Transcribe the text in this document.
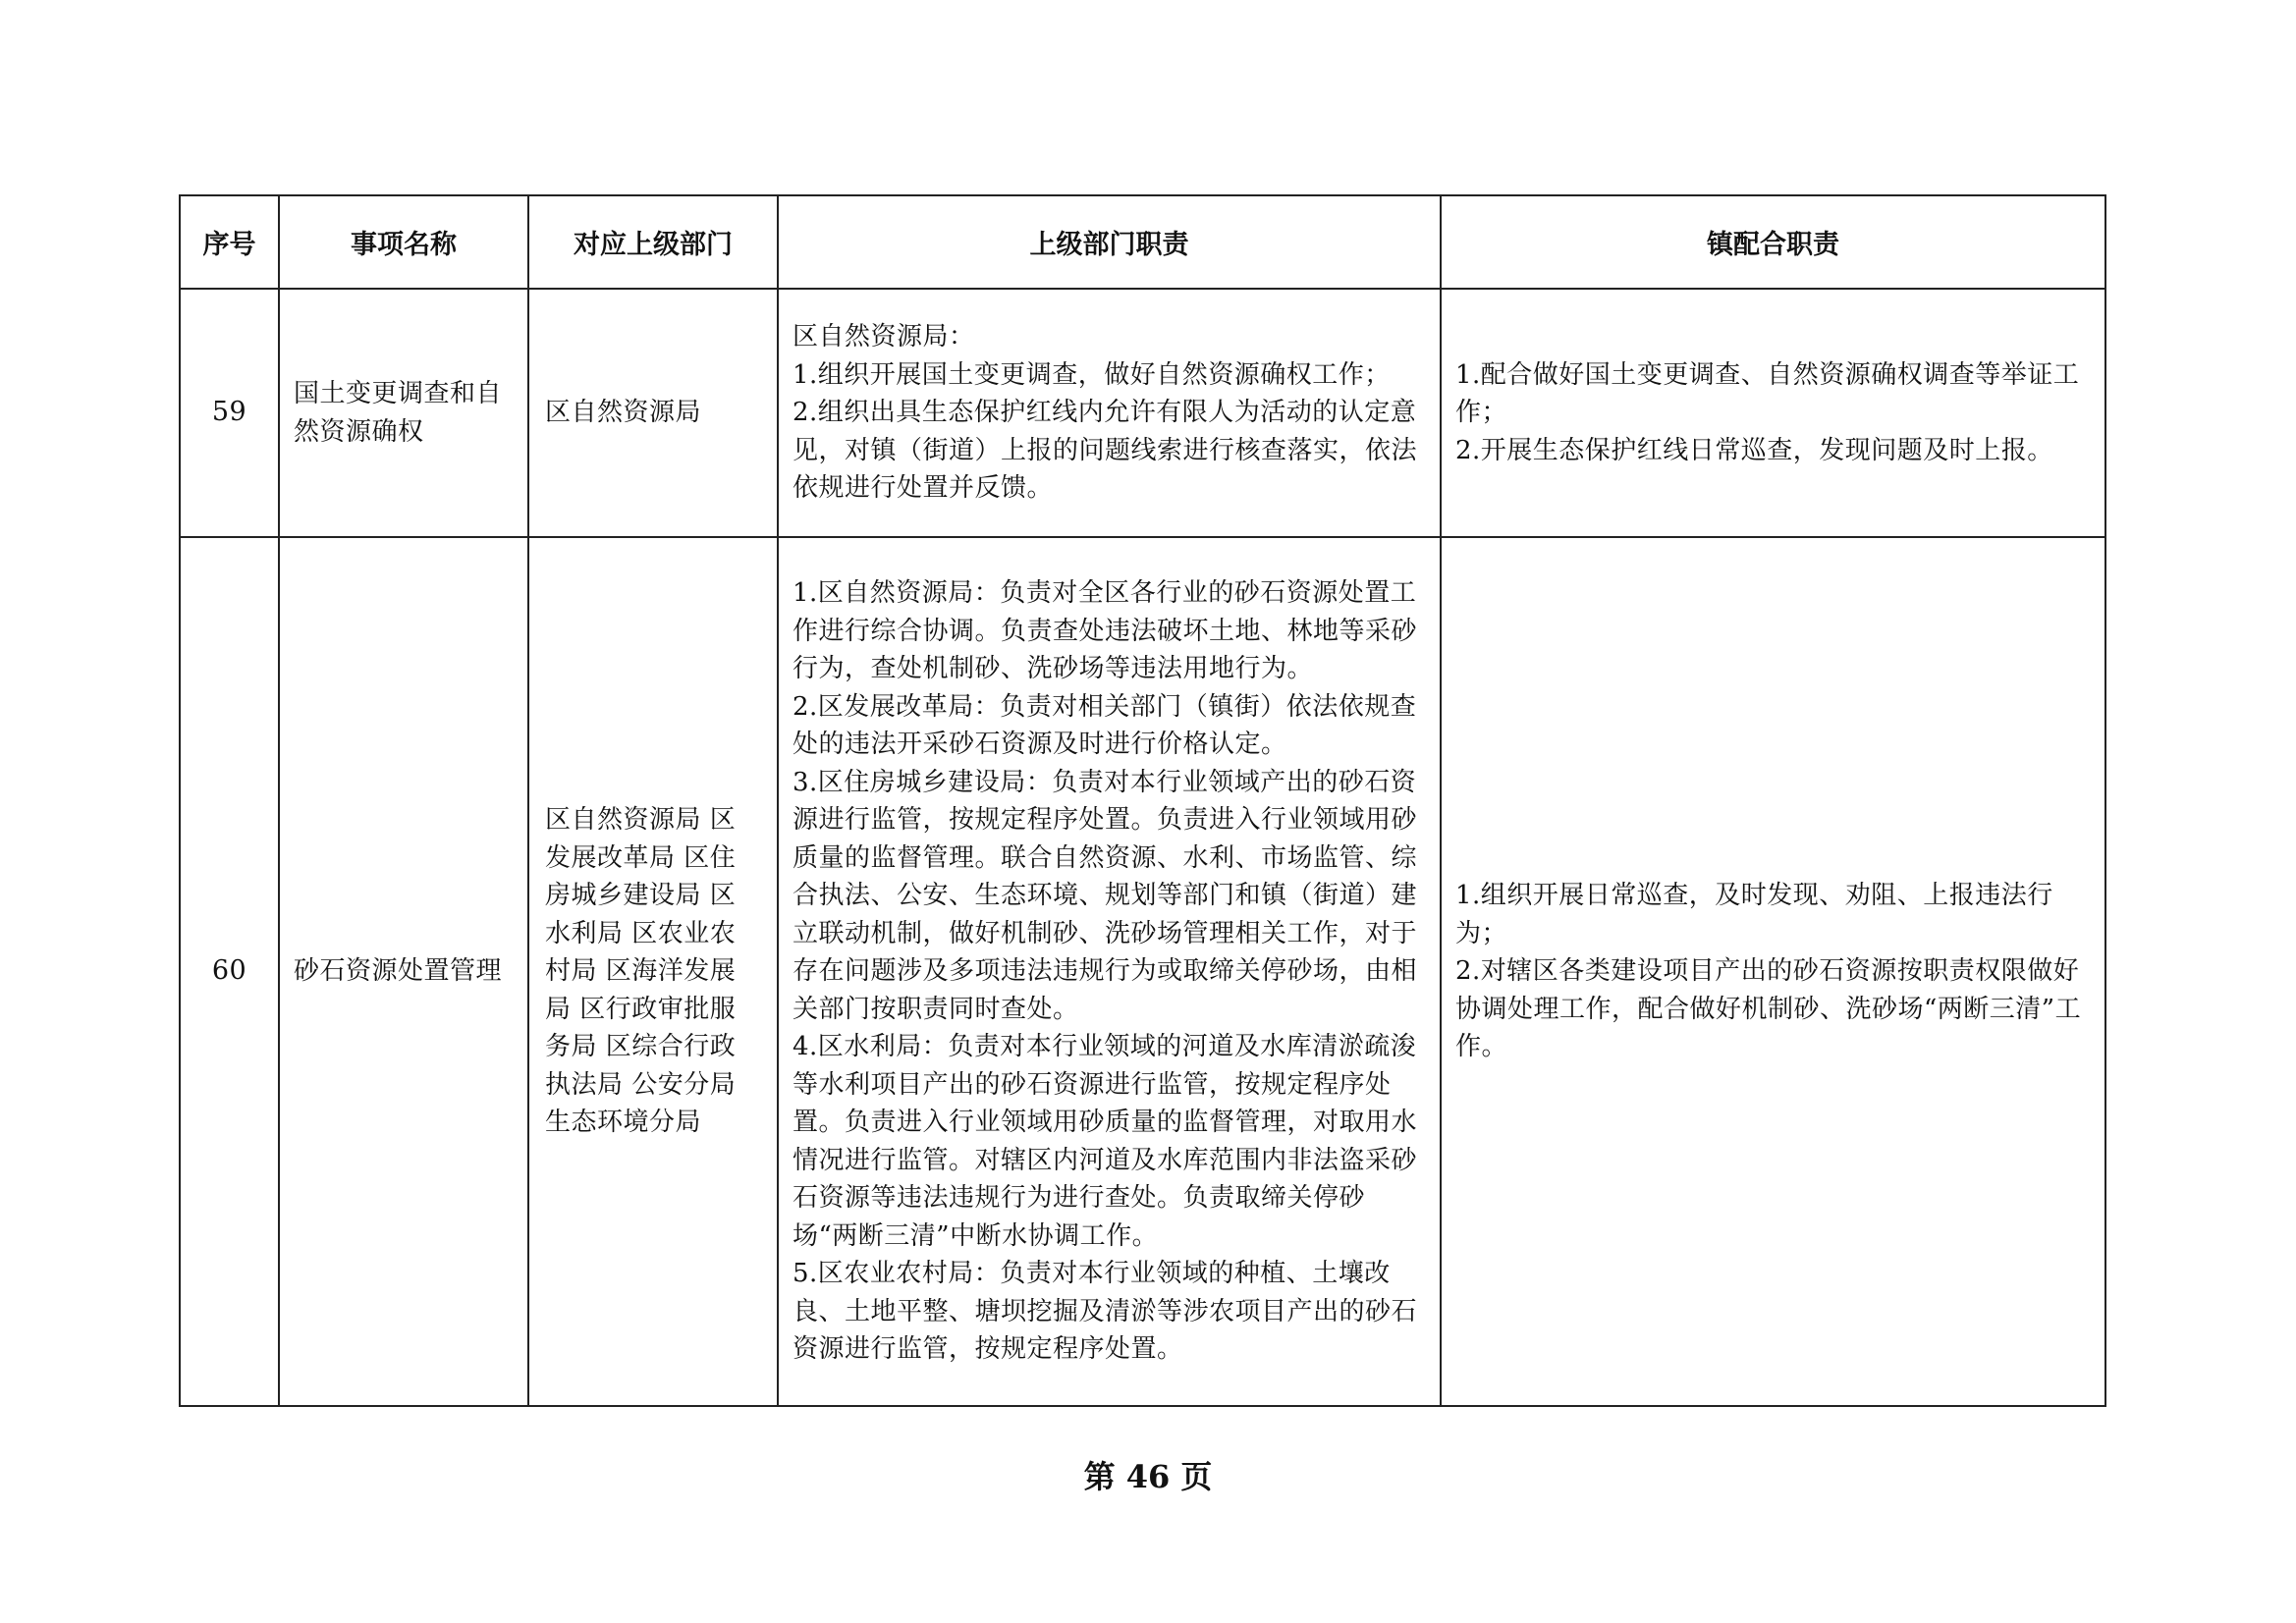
序号	事项名称	对应上级部门	上级部门职责	镇配合职责
59	国土变更调查和自然资源确权	区自然资源局	区自然资源局：
1.组织开展国土变更调查，做好自然资源确权工作；
2.组织出具生态保护红线内允许有限人为活动的认定意见，对镇（街道）上报的问题线索进行核查落实，依法依规进行处置并反馈。	1.配合做好国土变更调查、自然资源确权调查等举证工作；
2.开展生态保护红线日常巡查，发现问题及时上报。

60	砂石资源处置管理	区自然资源局 区发展改革局 区住房城乡建设局 区水利局 区农业农村局 区海洋发展局 区行政审批服务局 区综合行政执法局 公安分局 生态环境分局	1.区自然资源局：负责对全区各行业的砂石资源处置工作进行综合协调。负责查处违法破坏土地、林地等采砂行为，查处机制砂、洗砂场等违法用地行为。
2.区发展改革局：负责对相关部门（镇街）依法依规查处的违法开采砂石资源及时进行价格认定。
3.区住房城乡建设局：负责对本行业领域产出的砂石资源进行监管，按规定程序处置。负责进入行业领域用砂质量的监督管理。联合自然资源、水利、市场监管、综合执法、公安、生态环境、规划等部门和镇（街道）建立联动机制，做好机制砂、洗砂场管理相关工作，对于存在问题涉及多项违法违规行为或取缔关停砂场，由相关部门按职责同时查处。
4.区水利局：负责对本行业领域的河道及水库清淤疏浚等水利项目产出的砂石资源进行监管，按规定程序处置。负责进入行业领域用砂质量的监督管理，对取用水情况进行监管。对辖区内河道及水库范围内非法盗采砂石资源等违法违规行为进行查处。负责取缔关停砂场“两断三清”中断水协调工作。
5.区农业农村局：负责对本行业领域的种植、土壤改良、土地平整、塘坝挖掘及清淤等涉农项目产出的砂石资源进行监管，按规定程序处置。	1.组织开展日常巡查，及时发现、劝阻、上报违法行为；
2.对辖区各类建设项目产出的砂石资源按职责权限做好协调处理工作，配合做好机制砂、洗砂场“两断三清”工作。
第 46 页
